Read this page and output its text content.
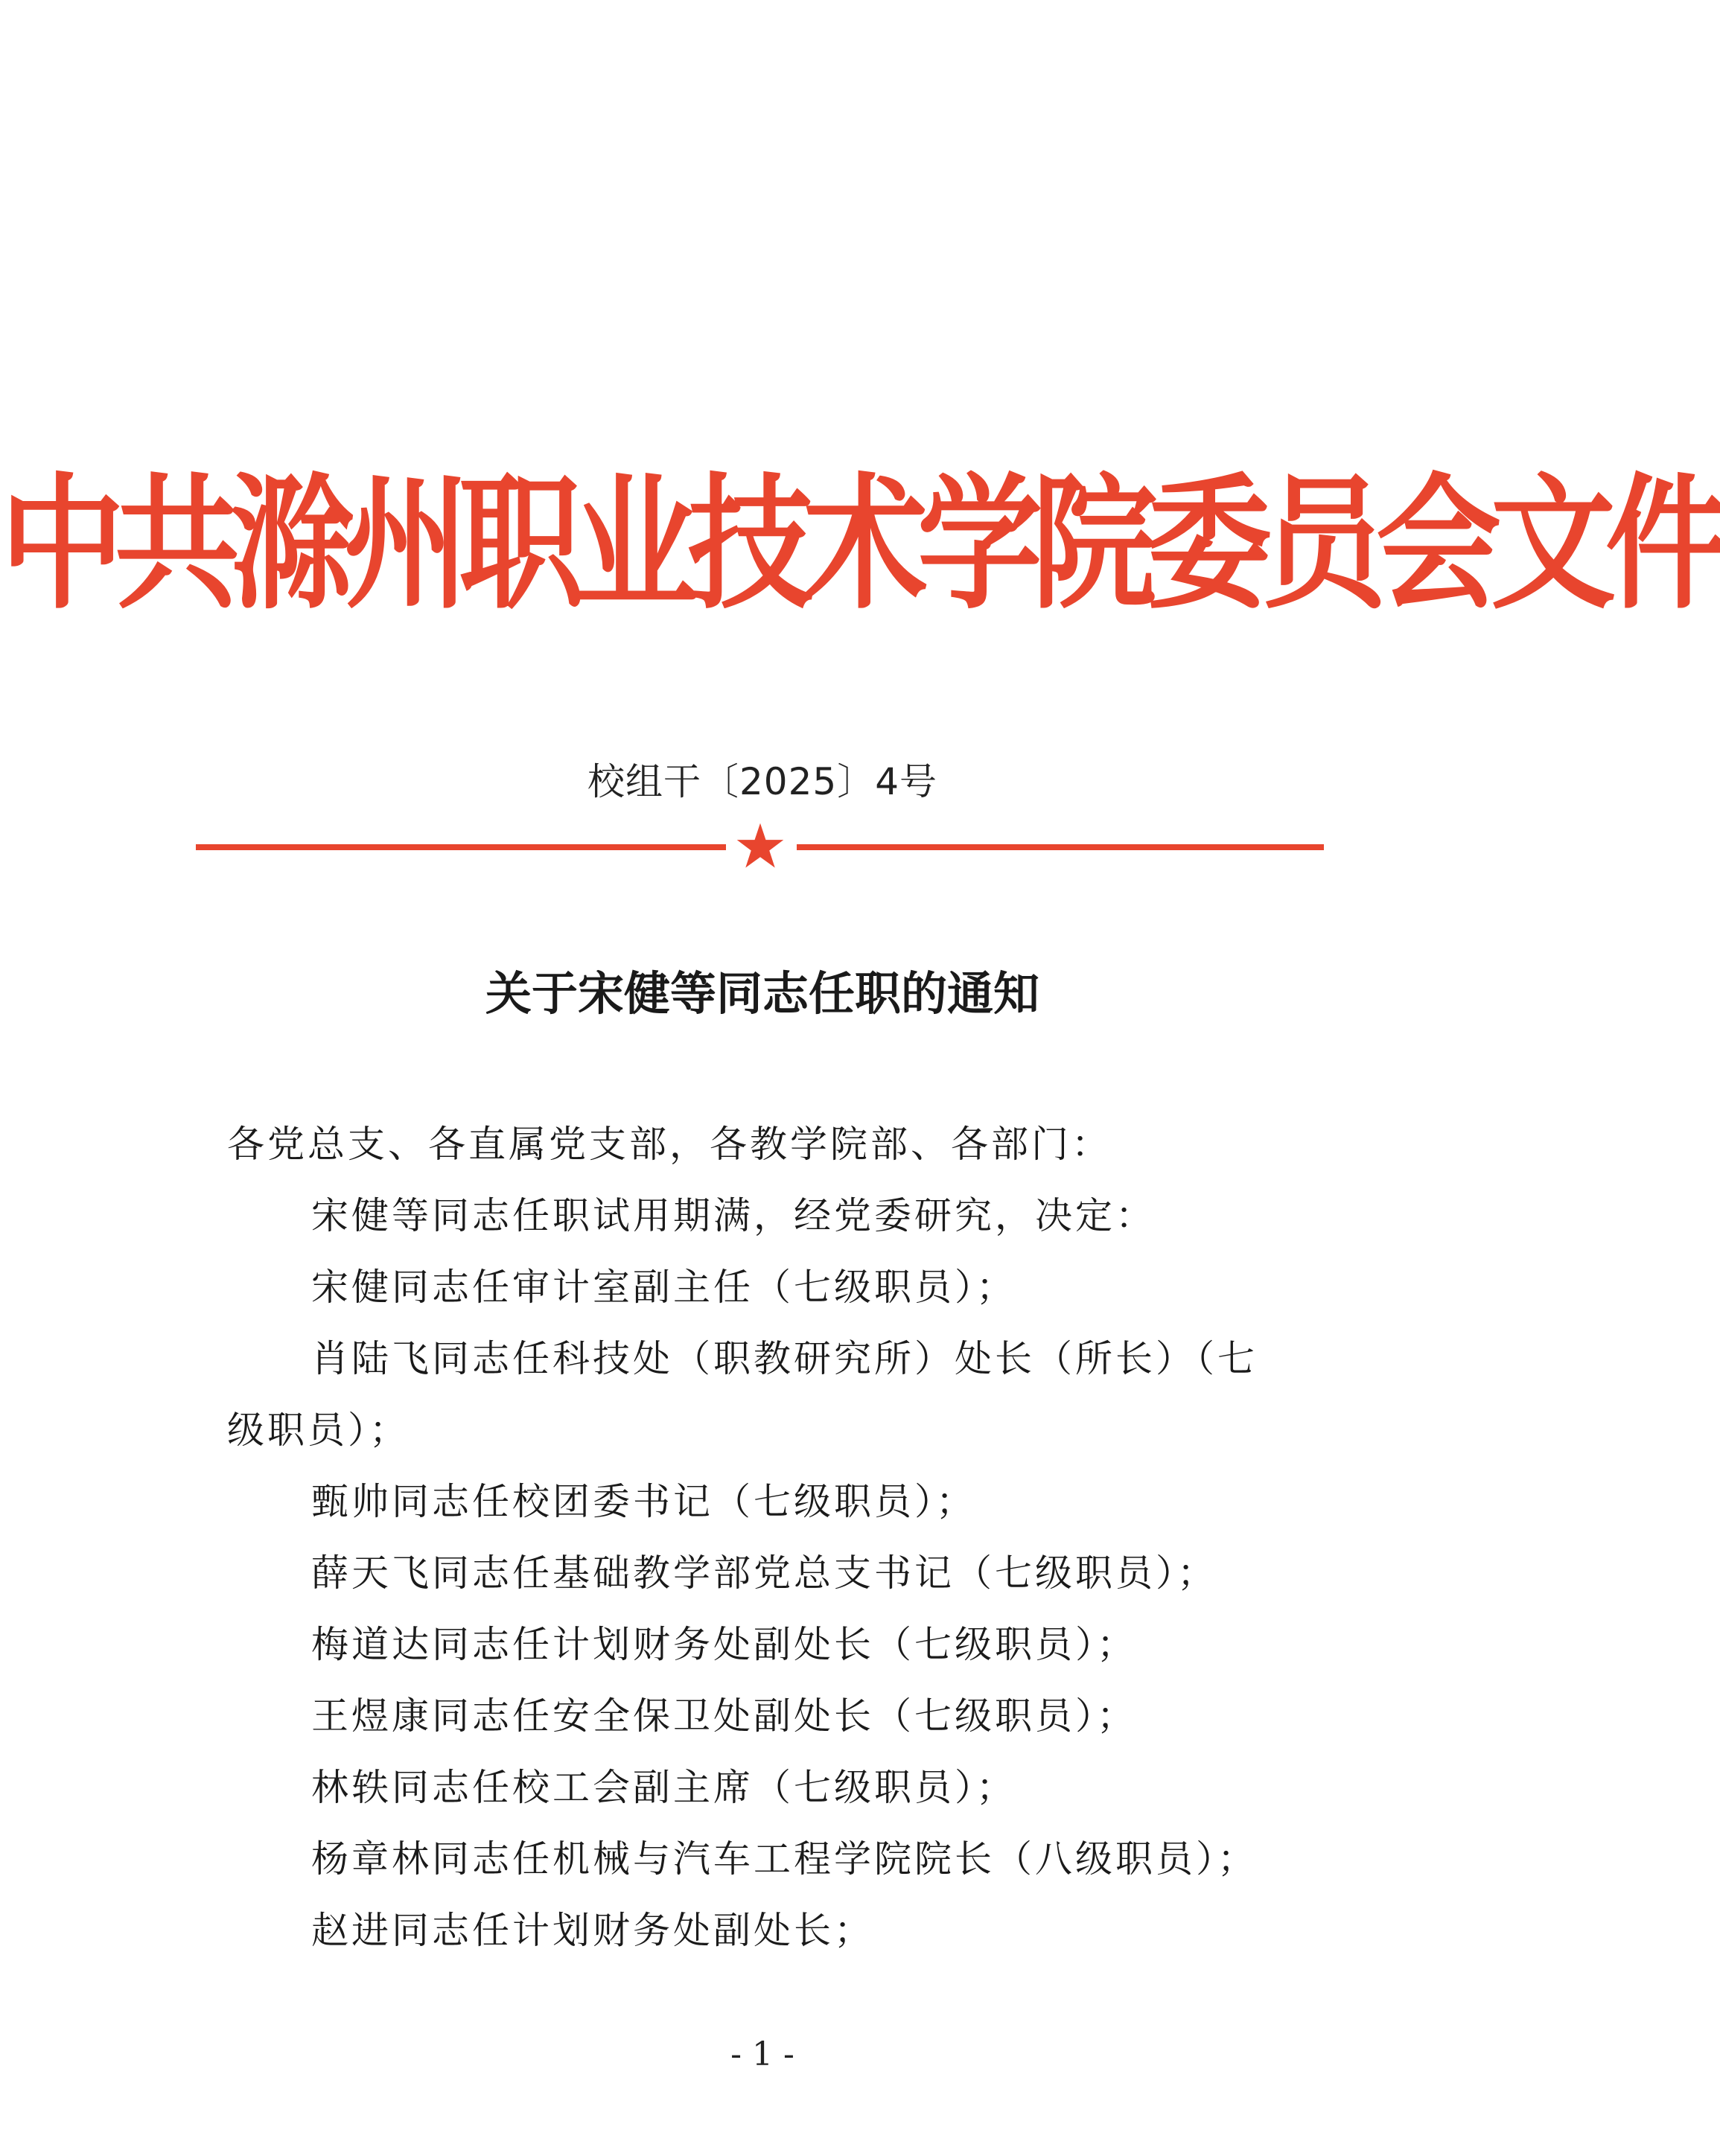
中共滁州职业技术学院委员会文件
校组干〔2025〕4号
关于宋健等同志任职的通知
各党总支、各直属党支部，各教学院部、各部门：
宋健等同志任职试用期满，经党委研究，决定：
宋健同志任审计室副主任（七级职员）；
肖陆飞同志任科技处（职教研究所）处长（所长）（七
级职员）；
甄帅同志任校团委书记（七级职员）；
薛天飞同志任基础教学部党总支书记（七级职员）；
梅道达同志任计划财务处副处长（七级职员）；
王煜康同志任安全保卫处副处长（七级职员）；
林轶同志任校工会副主席（七级职员）；
杨章林同志任机械与汽车工程学院院长（八级职员）；
赵进同志任计划财务处副处长；
- 1 -
